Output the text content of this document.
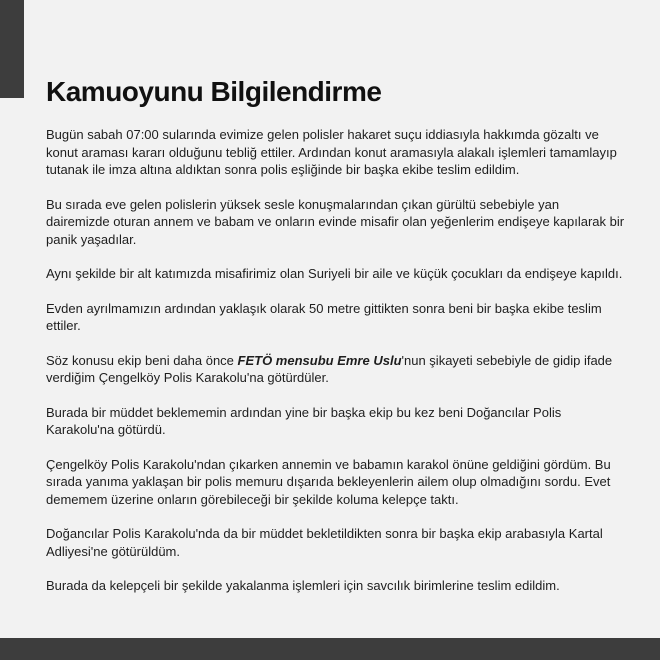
Kamuoyunu Bilgilendirme

Bugün sabah 07:00 sularında evimize gelen polisler hakaret suçu iddiasıyla hakkımda gözaltı ve konut araması kararı olduğunu tebliğ ettiler. Ardından konut aramasıyla alakalı işlemleri tamamlayıp tutanak ile imza altına aldıktan sonra polis eşliğinde bir başka ekibe teslim edildim.

Bu sırada eve gelen polislerin yüksek sesle konuşmalarından çıkan gürültü sebebiyle yan dairemizde oturan annem ve babam ve onların evinde misafir olan yeğenlerim endişeye kapılarak bir panik yaşadılar.

Aynı şekilde bir alt katımızda misafirimiz olan Suriyeli bir aile ve küçük çocukları da endişeye kapıldı.

Evden ayrılmamızın ardından yaklaşık olarak 50 metre gittikten sonra beni bir başka ekibe teslim ettiler.

Söz konusu ekip beni daha önce FETÖ mensubu Emre Uslu'nun şikayeti sebebiyle de gidip ifade verdiğim Çengelköy Polis Karakolu'na götürdüler.

Burada bir müddet beklememin ardından yine bir başka ekip bu kez beni Doğancılar Polis Karakolu'na götürdü.

Çengelköy Polis Karakolu'ndan çıkarken annemin ve babamın karakol önüne geldiğini gördüm. Bu sırada yanıma yaklaşan bir polis memuru dışarıda bekleyenlerin ailem olup olmadığını sordu. Evet dememem üzerine onların görebileceği bir şekilde koluma kelepçe taktı.

Doğancılar Polis Karakolu'nda da bir müddet bekletildikten sonra bir başka ekip arabasıyla Kartal Adliyesi'ne götürüldüm.

Burada da kelepçeli bir şekilde yakalanma işlemleri için savcılık birimlerine teslim edildim.
